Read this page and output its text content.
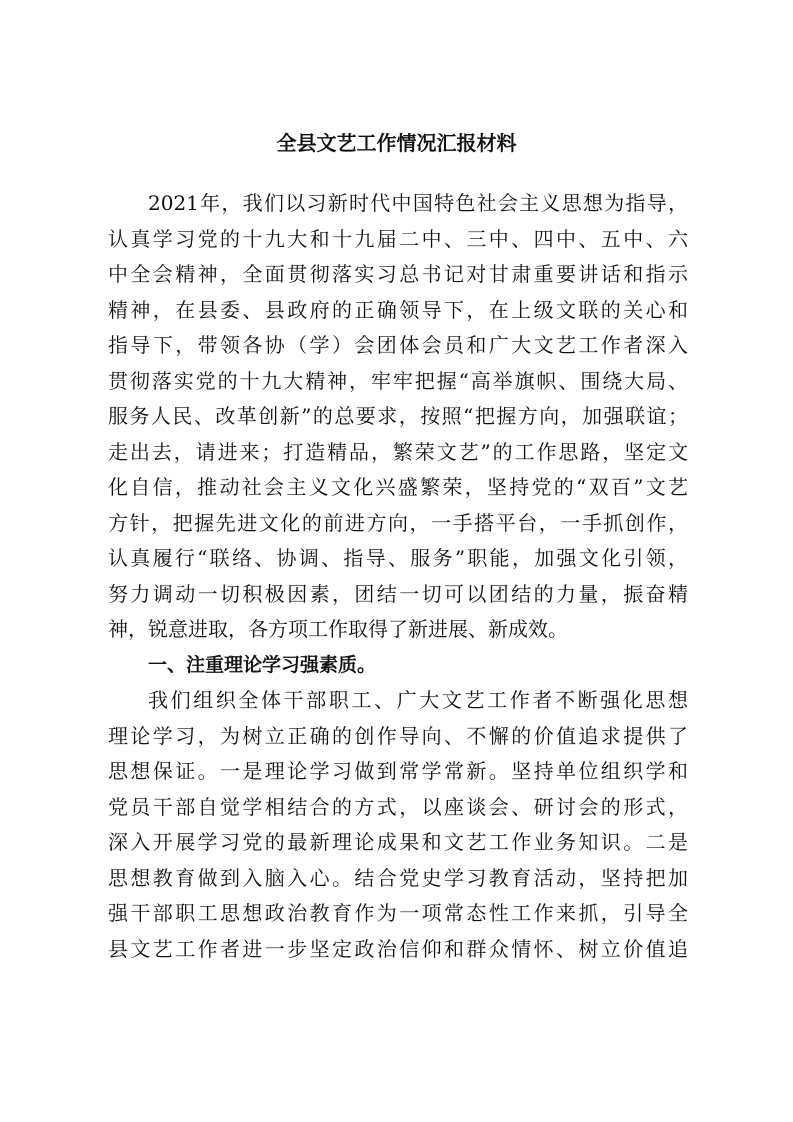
全县文艺工作情况汇报材料
2021年，我们以习新时代中国特色社会主义思想为指导，
认真学习党的十九大和十九届二中、三中、四中、五中、六
中全会精神，全面贯彻落实习总书记对甘肃重要讲话和指示
精神，在县委、县政府的正确领导下，在上级文联的关心和
指导下，带领各协（学）会团体会员和广大文艺工作者深入
贯彻落实党的十九大精神，牢牢把握“高举旗帜、围绕大局、
服务人民、改革创新”的总要求，按照“把握方向，加强联谊；
走出去，请进来；打造精品，繁荣文艺”的工作思路，坚定文
化自信，推动社会主义文化兴盛繁荣，坚持党的“双百”文艺
方针，把握先进文化的前进方向，一手搭平台，一手抓创作，
认真履行“联络、协调、指导、服务”职能，加强文化引领，
努力调动一切积极因素，团结一切可以团结的力量，振奋精
神，锐意进取，各方项工作取得了新进展、新成效。
一、注重理论学习强素质。
我们组织全体干部职工、广大文艺工作者不断强化思想
理论学习，为树立正确的创作导向、不懈的价值追求提供了
思想保证。一是理论学习做到常学常新。坚持单位组织学和
党员干部自觉学相结合的方式，以座谈会、研讨会的形式，
深入开展学习党的最新理论成果和文艺工作业务知识。二是
思想教育做到入脑入心。结合党史学习教育活动，坚持把加
强干部职工思想政治教育作为一项常态性工作来抓，引导全
县文艺工作者进一步坚定政治信仰和群众情怀、树立价值追
